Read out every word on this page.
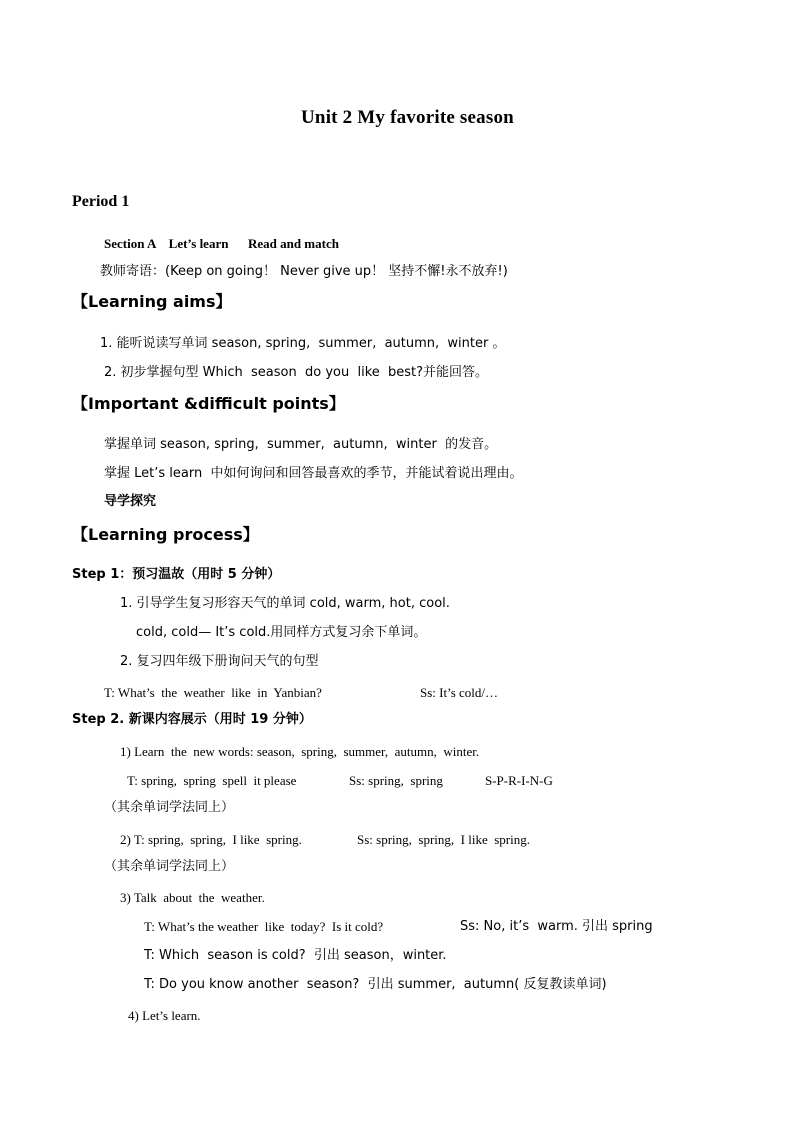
Unit 2 My favorite season
Period 1
Section A    Let’s learn      Read and match
教师寄语：(Keep on going！ Never give up！ 坚持不懈!永不放弃!)
【Learning aims】
1. 能听说读写单词 season, spring,  summer,  autumn,  winter 。
2. 初步掌握句型 Which  season  do you  like  best?并能回答。
【Important &difficult points】
掌握单词 season, spring,  summer,  autumn,  winter  的发音。
掌握 Let’s learn  中如何询问和回答最喜欢的季节，并能试着说出理由。
导学探究
【Learning process】
Step 1：预习温故（用时 5 分钟）
1. 引导学生复习形容天气的单词 cold, warm, hot, cool.
cold, cold— It’s cold.用同样方式复习余下单词。
2. 复习四年级下册询问天气的句型
T: What’s  the  weather  like  in  Yanbian?	Ss: It’s cold/…
Step 2. 新课内容展示（用时 19 分钟）
1) Learn  the  new words: season,  spring,  summer,  autumn,  winter.
T: spring,  spring  spell  it please	Ss: spring,  spring	S-P-R-I-N-G
（其余单词学法同上）
2) T: spring,  spring,  I like  spring.	Ss: spring,  spring,  I like  spring.
（其余单词学法同上）
3) Talk  about  the  weather.
T: What’s the weather  like  today?  Is it cold?	Ss: No, it’s  warm. 引出 spring
T: Which  season is cold?  引出 season，winter.
T: Do you know another  season?  引出 summer,  autumn( 反复教读单词)
4) Let’s learn.
